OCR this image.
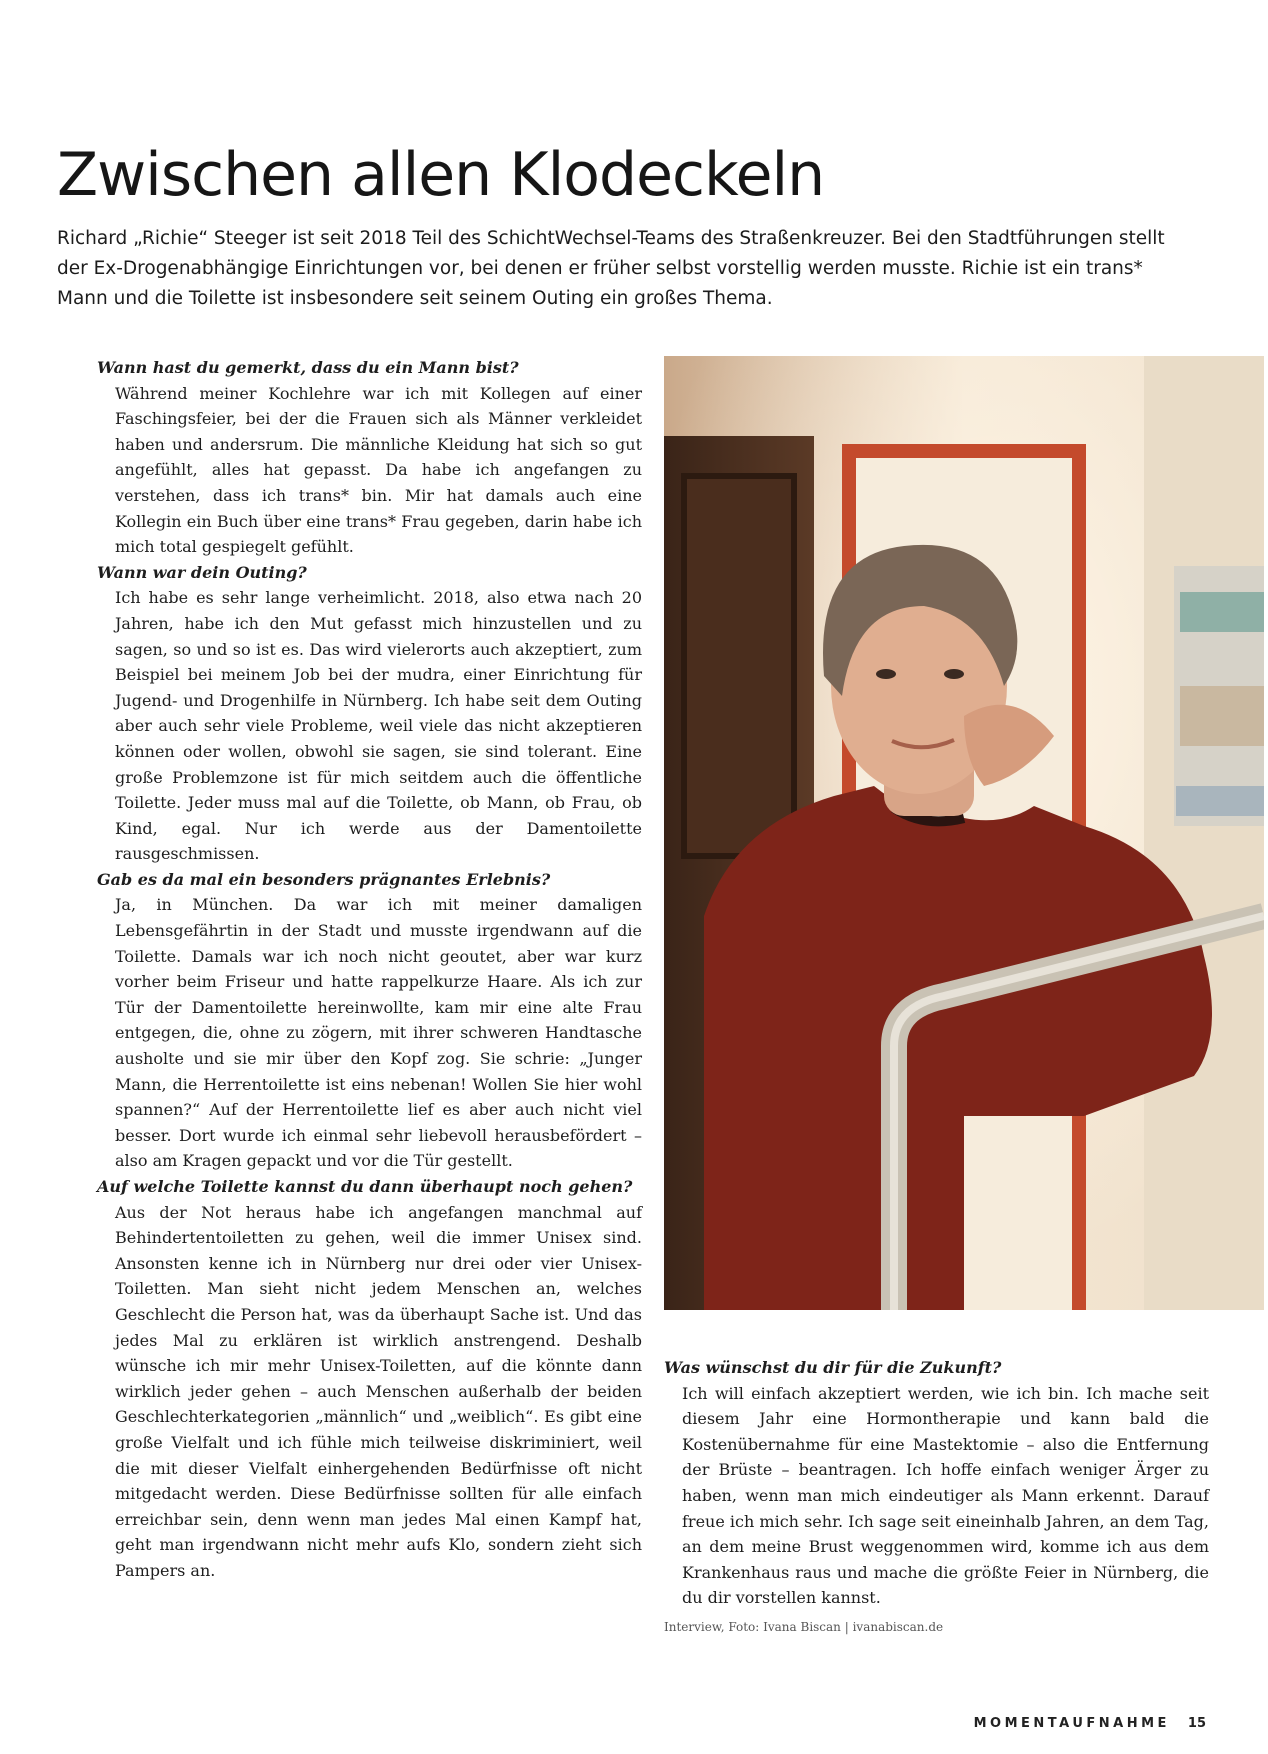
Zwischen allen Klodeckeln

Richard „Richie“ Steeger ist seit 2018 Teil des SchichtWechsel-Teams des Straßenkreuzer. Bei den Stadtführungen stellt der Ex-Drogenabhängige Einrichtungen vor, bei denen er früher selbst vorstellig werden musste. Richie ist ein trans* Mann und die Toilette ist insbesondere seit seinem Outing ein großes Thema.

Wann hast du gemerkt, dass du ein Mann bist?

Während meiner Kochlehre war ich mit Kollegen auf einer Faschingsfeier, bei der die Frauen sich als Männer verkleidet haben und andersrum. Die männliche Kleidung hat sich so gut angefühlt, alles hat gepasst. Da habe ich angefangen zu verstehen, dass ich trans* bin. Mir hat damals auch eine Kollegin ein Buch über eine trans* Frau gegeben, darin habe ich mich total gespiegelt gefühlt.

Wann war dein Outing?

Ich habe es sehr lange verheimlicht. 2018, also etwa nach 20 Jahren, habe ich den Mut gefasst mich hinzustellen und zu sagen, so und so ist es. Das wird vielerorts auch akzeptiert, zum Beispiel bei meinem Job bei der mudra, einer Einrichtung für Jugend- und Drogenhilfe in Nürnberg. Ich habe seit dem Outing aber auch sehr viele Probleme, weil viele das nicht akzeptieren können oder wollen, obwohl sie sagen, sie sind tolerant. Eine große Problemzone ist für mich seitdem auch die öffentliche Toilette. Jeder muss mal auf die Toilette, ob Mann, ob Frau, ob Kind, egal. Nur ich werde aus der Damentoilette rausgeschmissen.

Gab es da mal ein besonders prägnantes Erlebnis?

Ja, in München. Da war ich mit meiner damaligen Lebensgefährtin in der Stadt und musste irgendwann auf die Toilette. Damals war ich noch nicht geoutet, aber war kurz vorher beim Friseur und hatte rappelkurze Haare. Als ich zur Tür der Damentoilette hereinwollte, kam mir eine alte Frau entgegen, die, ohne zu zögern, mit ihrer schweren Handtasche ausholte und sie mir über den Kopf zog. Sie schrie: „Junger Mann, die Herrentoilette ist eins nebenan! Wollen Sie hier wohl spannen?“ Auf der Herrentoilette lief es aber auch nicht viel besser. Dort wurde ich einmal sehr liebevoll herausbefördert – also am Kragen gepackt und vor die Tür gestellt.

Auf welche Toilette kannst du dann überhaupt noch gehen?

Aus der Not heraus habe ich angefangen manchmal auf Behindertentoiletten zu gehen, weil die immer Unisex sind. Ansonsten kenne ich in Nürnberg nur drei oder vier Unisex-Toiletten. Man sieht nicht jedem Menschen an, welches Geschlecht die Person hat, was da überhaupt Sache ist. Und das jedes Mal zu erklären ist wirklich anstrengend. Deshalb wünsche ich mir mehr Unisex-Toiletten, auf die könnte dann wirklich jeder gehen – auch Menschen außerhalb der beiden Geschlechterkategorien „männlich“ und „weiblich“. Es gibt eine große Vielfalt und ich fühle mich teilweise diskriminiert, weil die mit dieser Vielfalt einhergehenden Bedürfnisse oft nicht mitgedacht werden. Diese Bedürfnisse sollten für alle einfach erreichbar sein, denn wenn man jedes Mal einen Kampf hat, geht man irgendwann nicht mehr aufs Klo, sondern zieht sich Pampers an.

Was wünschst du dir für die Zukunft?

Ich will einfach akzeptiert werden, wie ich bin. Ich mache seit diesem Jahr eine Hormontherapie und kann bald die Kostenübernahme für eine Mastektomie – also die Entfernung der Brüste – beantragen. Ich hoffe einfach weniger Ärger zu haben, wenn man mich eindeutiger als Mann erkennt. Darauf freue ich mich sehr. Ich sage seit eineinhalb Jahren, an dem Tag, an dem meine Brust weggenommen wird, komme ich aus dem Krankenhaus raus und mache die größte Feier in Nürnberg, die du dir vorstellen kannst.

Interview, Foto: Ivana Biscan | ivanabiscan.de
MOMENTAUFNAHME 15
